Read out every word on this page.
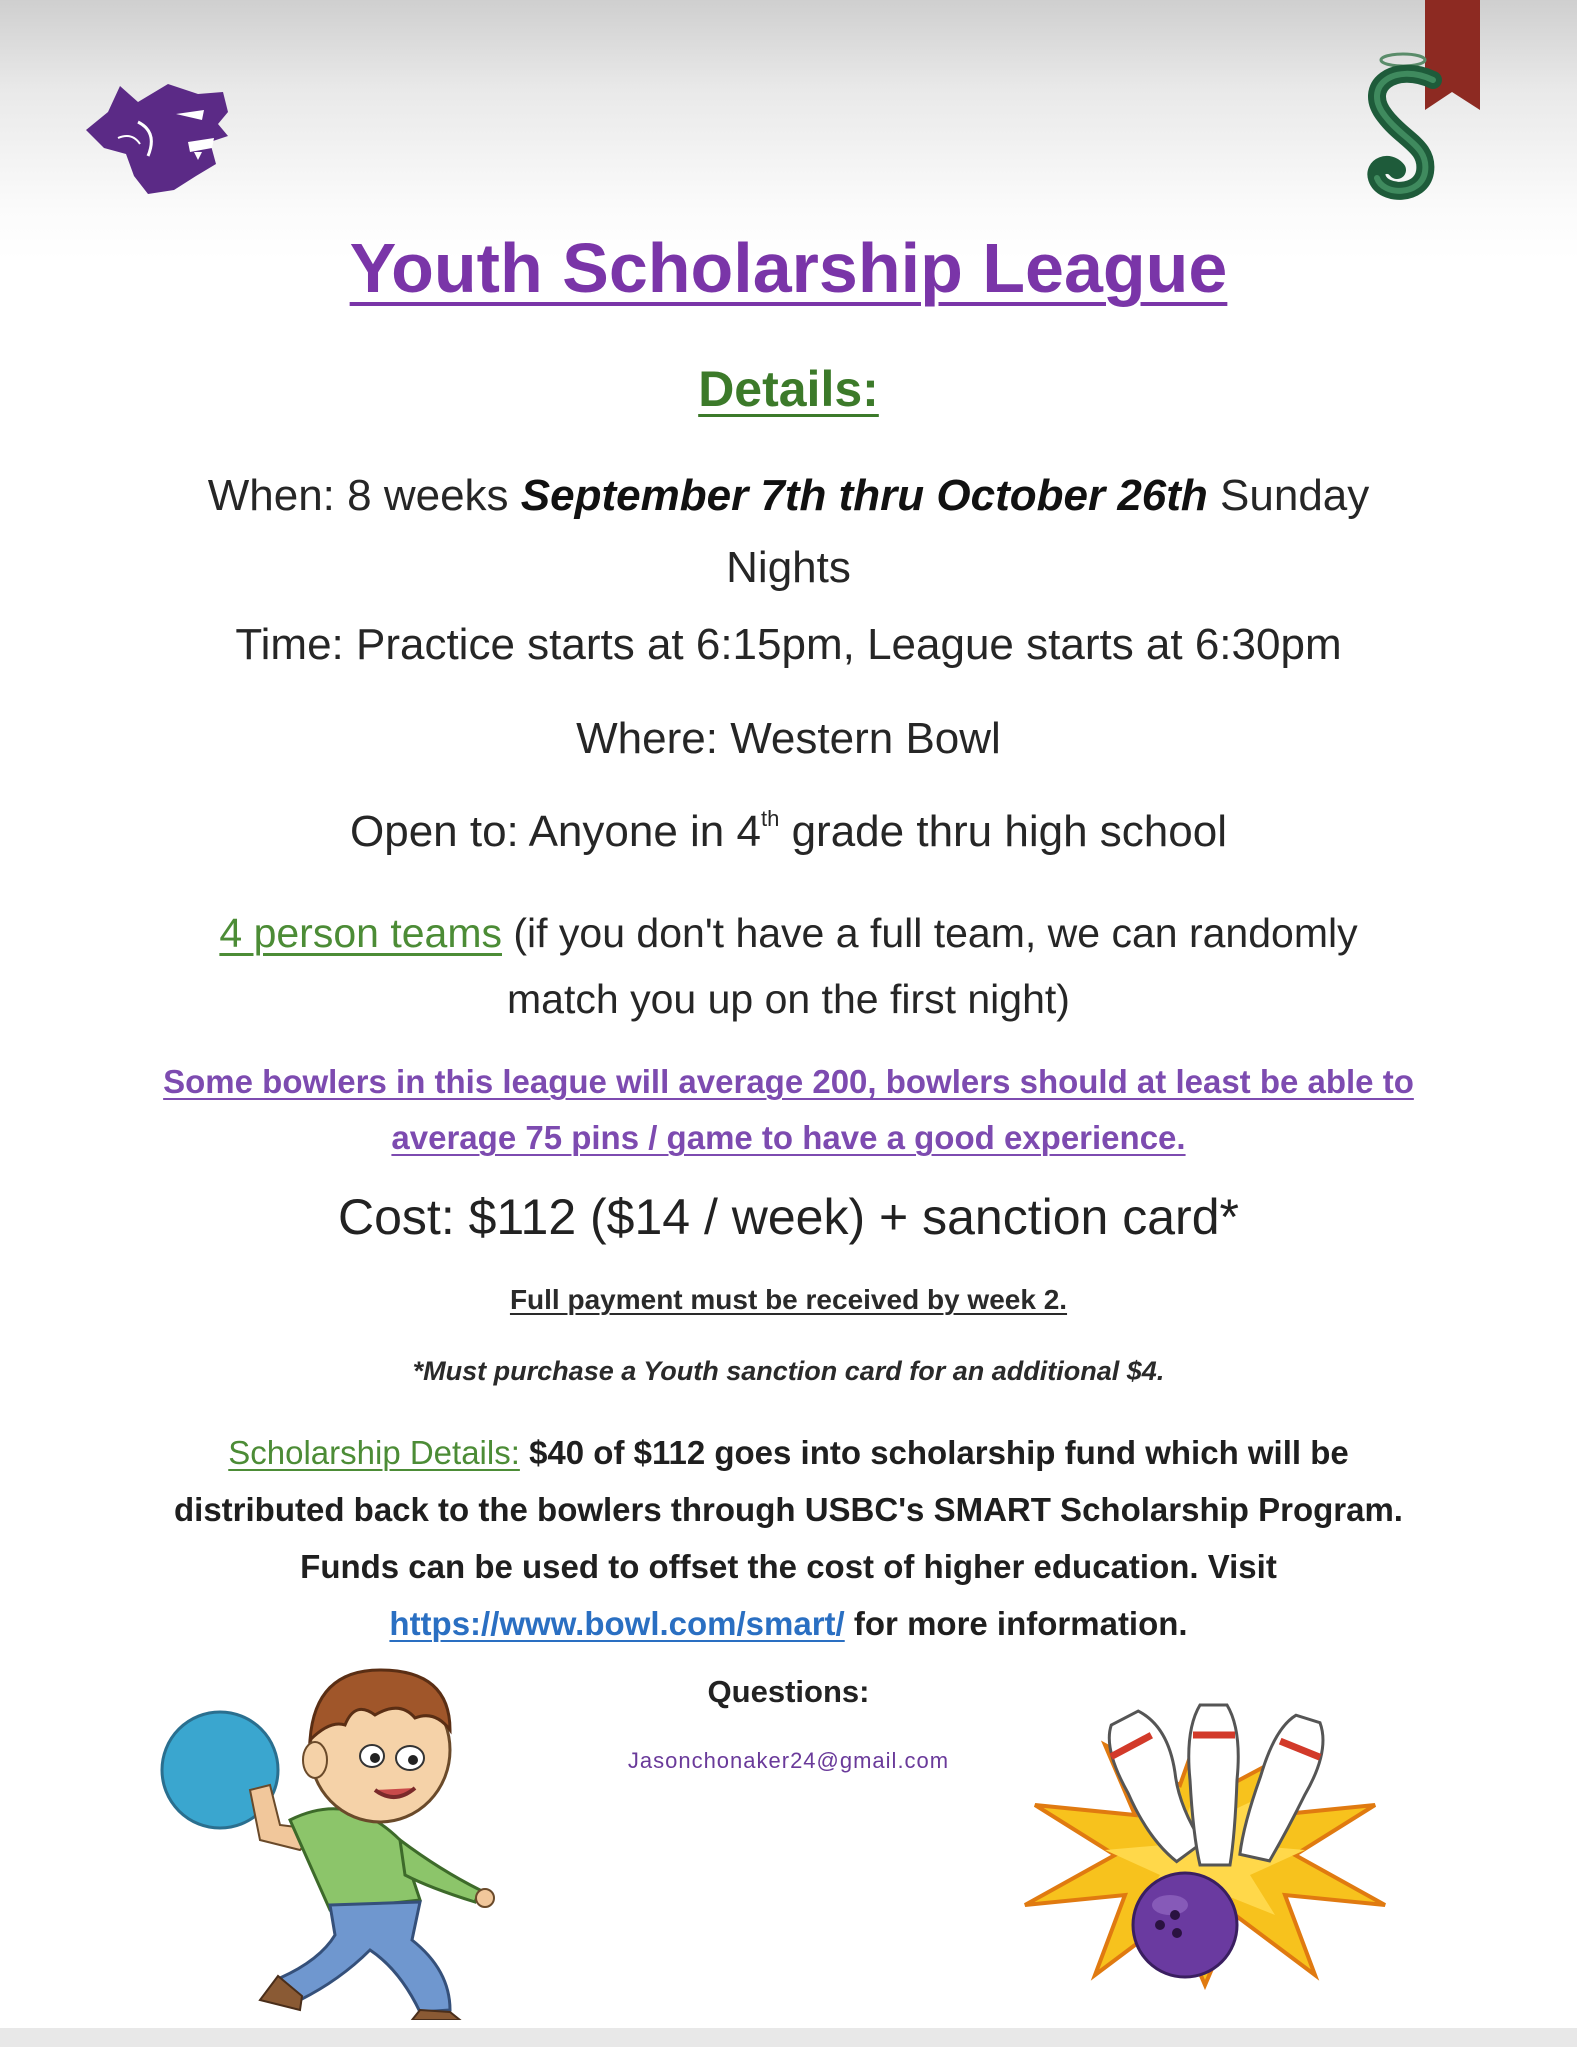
Youth Scholarship League
Details:
When: 8 weeks September 7th thru October 26th Sunday
Nights
Time: Practice starts at 6:15pm, League starts at 6:30pm
Where: Western Bowl
Open to: Anyone in 4th grade thru high school
4 person teams (if you don't have a full team, we can randomly
match you up on the first night)
Some bowlers in this league will average 200, bowlers should at least be able to
average 75 pins / game to have a good experience.
Cost: $112 ($14 / week) + sanction card*
Full payment must be received by week 2.
*Must purchase a Youth sanction card for an additional $4.
Scholarship Details: $40 of $112 goes into scholarship fund which will be
distributed back to the bowlers through USBC's SMART Scholarship Program.
Funds can be used to offset the cost of higher education. Visit
https://www.bowl.com/smart/ for more information.
Questions:
Jasonchonaker24@gmail.com
